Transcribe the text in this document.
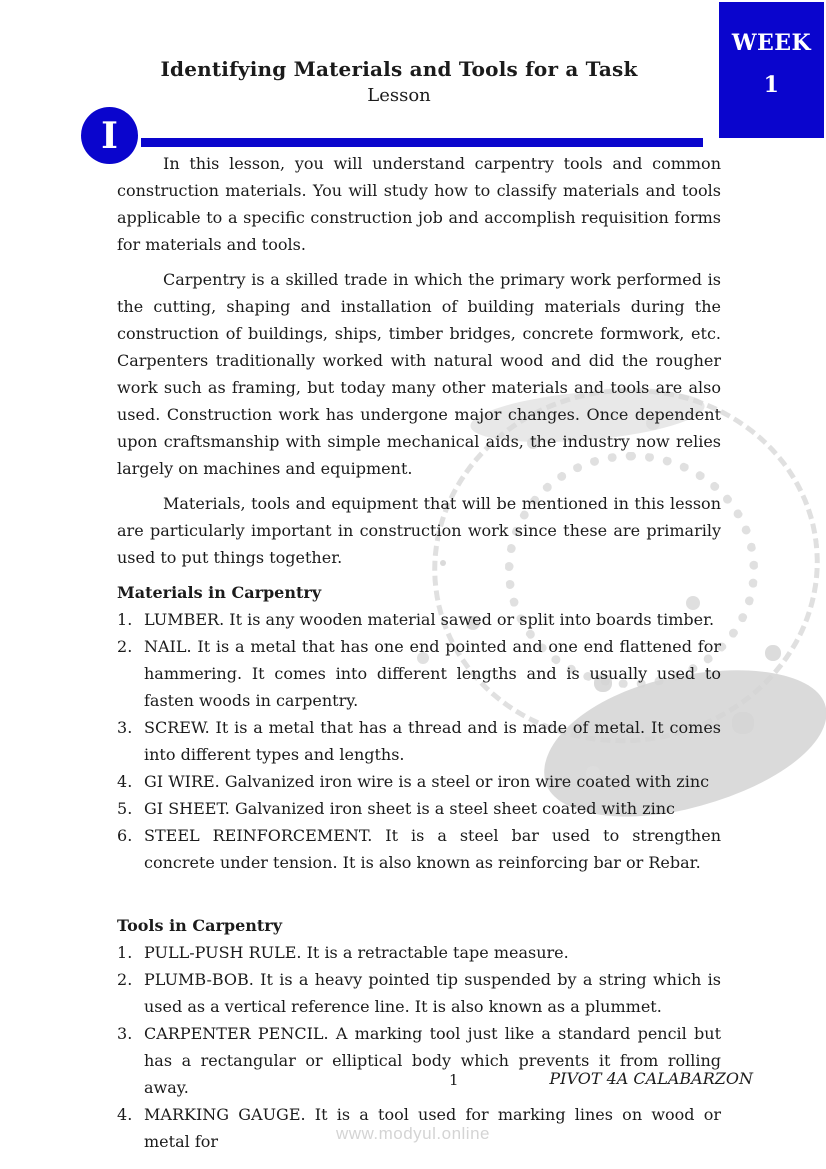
WEEK
1
Identifying Materials and Tools for a Task
Lesson
I

In this lesson, you will understand carpentry tools and common construction materials. You will study how to classify materials and tools applicable to a specific construction job and accomplish requisition forms for materials and tools.

Carpentry is a skilled trade in which the primary work performed is the cutting, shaping and installation of building materials during the construction of buildings, ships, timber bridges, concrete formwork, etc. Carpenters traditionally worked with natural wood and did the rougher work such as framing, but today many other materials and tools are also used. Construction work has undergone major changes. Once dependent upon craftsmanship with simple mechanical aids, the industry now relies largely on machines and equipment.

Materials, tools and equipment that will be mentioned in this lesson are particularly important in construction work since these are primarily used to put things together.

Materials in Carpentry
LUMBER. It is any wooden material sawed or split into boards timber.
NAIL. It is a metal that has one end pointed and one end flattened for hammering. It comes into different lengths and is usually used to fasten woods in carpentry.
SCREW. It is a metal that has a thread and is made of metal. It comes into different types and lengths.
GI WIRE. Galvanized iron wire is a steel or iron wire coated with zinc
GI SHEET. Galvanized iron sheet is a steel sheet coated with zinc
STEEL REINFORCEMENT. It is a steel bar used to strengthen concrete under tension. It is also known as reinforcing bar or Rebar.
Tools in Carpentry
PULL-PUSH RULE. It is a retractable tape measure.
PLUMB-BOB. It is a heavy pointed tip suspended by a string which is used as a vertical reference line. It is also known as a plummet.
CARPENTER PENCIL. A marking tool just like a standard pencil but has a rectangular or elliptical body which prevents it from rolling away.
MARKING GAUGE. It is a tool used for marking lines on wood or metal for
1	PIVOT 4A CALABARZON
www.modyul.online
